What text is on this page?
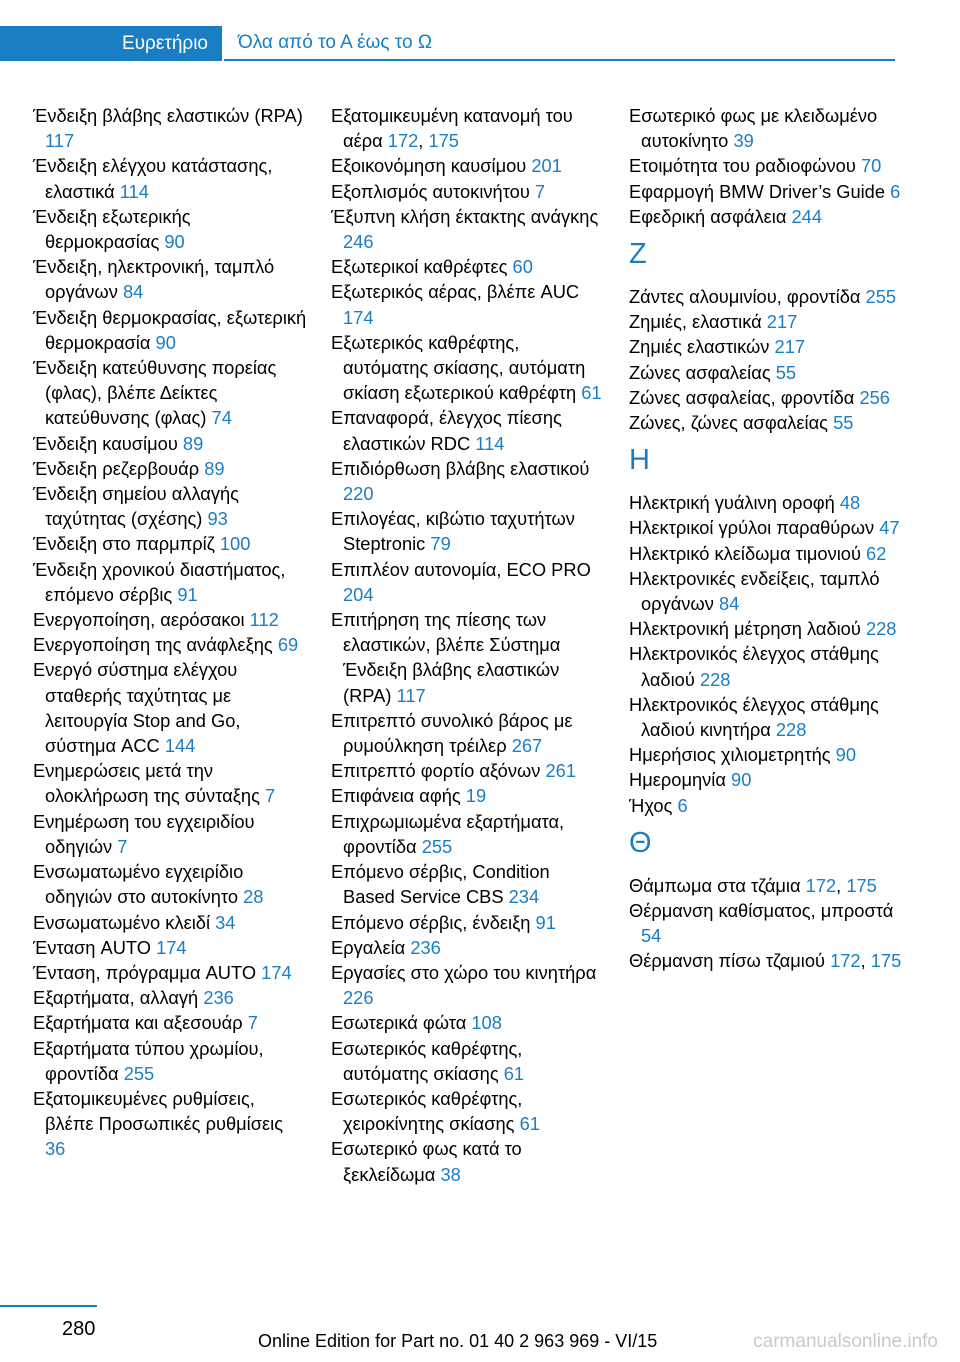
Ευρετήριο	Όλα από το Α έως το Ω
Ένδειξη βλάβης ελαστικών (RPA) 117
Ένδειξη ελέγχου κατάστασης, ελαστικά 114
Ένδειξη εξωτερικής θερμοκρασίας 90
Ένδειξη, ηλεκτρονική, ταμπλό οργάνων 84
Ένδειξη θερμοκρασίας, εξωτερική θερμοκρασία 90
Ένδειξη κατεύθυνσης πορείας (φλας), βλέπε Δείκτες κατεύθυνσης (φλας) 74
Ένδειξη καυσίμου 89
Ένδειξη ρεζερβουάρ 89
Ένδειξη σημείου αλλαγής ταχύτητας (σχέσης) 93
Ένδειξη στο παρμπρίζ 100
Ένδειξη χρονικού διαστήματος, επόμενο σέρβις 91
Ενεργοποίηση, αερόσακοι 112
Ενεργοποίηση της ανάφλεξης 69
Ενεργό σύστημα ελέγχου σταθερής ταχύτητας με λειτουργία Stop and Go, σύστημα ACC 144
Ενημερώσεις μετά την ολοκλήρωση της σύνταξης 7
Ενημέρωση του εγχειριδίου οδηγιών 7
Ενσωματωμένο εγχειρίδιο οδηγιών στο αυτοκίνητο 28
Ενσωματωμένο κλειδί 34
Ένταση AUTO 174
Ένταση, πρόγραμμα AUTO 174
Εξαρτήματα, αλλαγή 236
Εξαρτήματα και αξεσουάρ 7
Εξαρτήματα τύπου χρωμίου, φροντίδα 255
Εξατομικευμένες ρυθμίσεις, βλέπε Προσωπικές ρυθμίσεις 36
Εξατομικευμένη κατανομή του αέρα 172, 175
Εξοικονόμηση καυσίμου 201
Εξοπλισμός αυτοκινήτου 7
Έξυπνη κλήση έκτακτης ανάγκης 246
Εξωτερικοί καθρέφτες 60
Εξωτερικός αέρας, βλέπε AUC 174
Εξωτερικός καθρέφτης, αυτόματης σκίασης, αυτόματη σκίαση εξωτερικού καθρέφτη 61
Επαναφορά, έλεγχος πίεσης ελαστικών RDC 114
Επιδιόρθωση βλάβης ελαστικού 220
Επιλογέας, κιβώτιο ταχυτήτων Steptronic 79
Επιπλέον αυτονομία, ECO PRO 204
Επιτήρηση της πίεσης των ελαστικών, βλέπε Σύστημα Ένδειξη βλάβης ελαστικών (RPA) 117
Επιτρεπτό συνολικό βάρος με ρυμούλκηση τρέιλερ 267
Επιτρεπτό φορτίο αξόνων 261
Επιφάνεια αφής 19
Επιχρωμιωμένα εξαρτήματα, φροντίδα 255
Επόμενο σέρβις, Condition Based Service CBS 234
Επόμενο σέρβις, ένδειξη 91
Εργαλεία 236
Εργασίες στο χώρο του κινητήρα 226
Εσωτερικά φώτα 108
Εσωτερικός καθρέφτης, αυτόματης σκίασης 61
Εσωτερικός καθρέφτης, χειροκίνητης σκίασης 61
Εσωτερικό φως κατά το ξεκλείδωμα 38
Εσωτερικό φως με κλειδωμένο αυτοκίνητο 39
Ετοιμότητα του ραδιοφώνου 70
Εφαρμογή BMW Driver’s Guide 6
Εφεδρική ασφάλεια 244
Z
Ζάντες αλουμινίου, φροντίδα 255
Ζημιές, ελαστικά 217
Ζημιές ελαστικών 217
Ζώνες ασφαλείας 55
Ζώνες ασφαλείας, φροντίδα 256
Ζώνες, ζώνες ασφαλείας 55
H
Ηλεκτρική γυάλινη οροφή 48
Ηλεκτρικοί γρύλοι παραθύρων 47
Ηλεκτρικό κλείδωμα τιμονιού 62
Ηλεκτρονικές ενδείξεις, ταμπλό οργάνων 84
Ηλεκτρονική μέτρηση λαδιού 228
Ηλεκτρονικός έλεγχος στάθμης λαδιού 228
Ηλεκτρονικός έλεγχος στάθμης λαδιού κινητήρα 228
Ημερήσιος χιλιομετρητής 90
Ημερομηνία 90
Ήχος 6
Θ
Θάμπωμα στα τζάμια 172, 175
Θέρμανση καθίσματος, μπροστά 54
Θέρμανση πίσω τζαμιού 172, 175
280
Online Edition for Part no. 01 40 2 963 969 - VI/15	carmanualsonline.info
